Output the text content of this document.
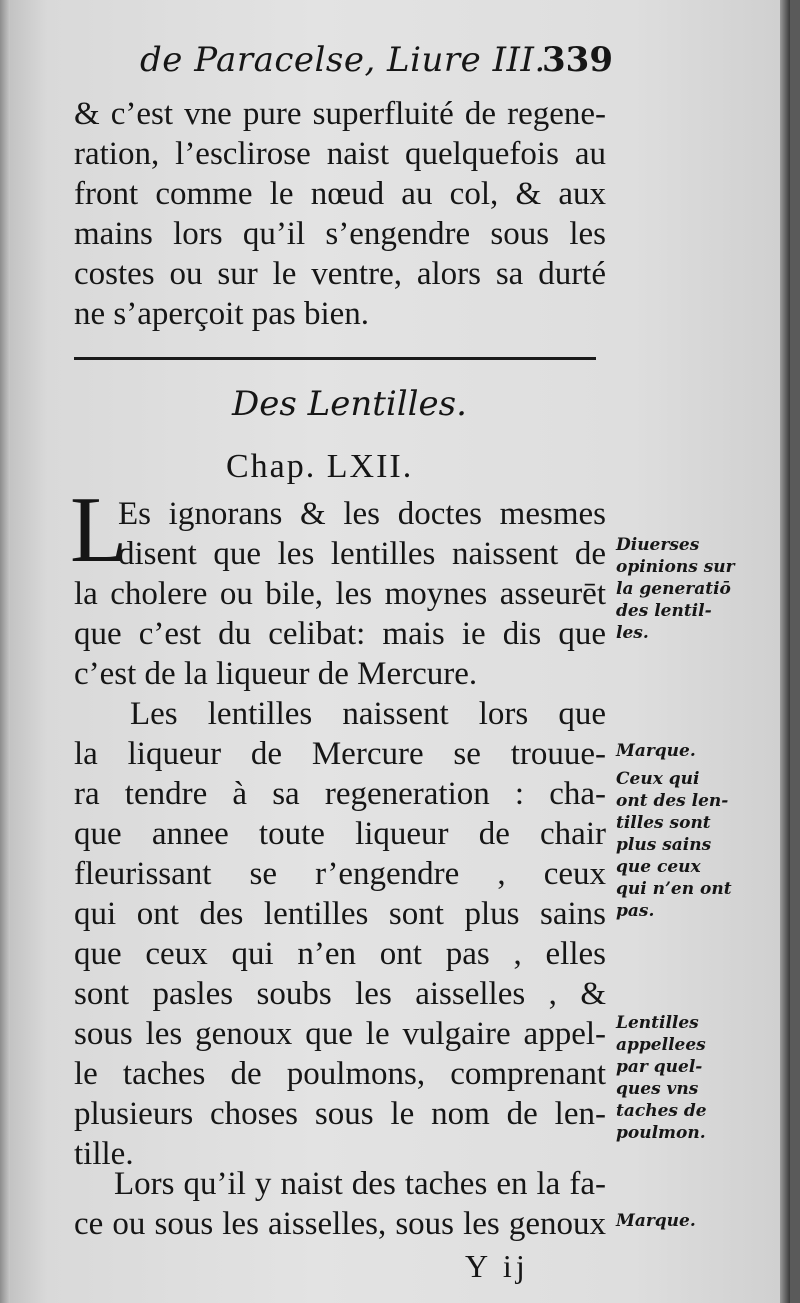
de Paracelse, Liure III.
339
& c’est vne pure superfluité de regene-
ration, l’esclirose naist quelquefois au
front comme le nœud au col, & aux
mains lors qu’il s’engendre sous les
costes ou sur le ventre, alors sa durté
ne s’aperçoit pas bien.
Des Lentilles.
Chap. LXII.
L
Es ignorans & les doctes mesmes
disent que les lentilles naissent de
la cholere ou bile, les moynes asseurēt
que c’est du celibat: mais ie dis que
c’est de la liqueur de Mercure.
Les lentilles naissent lors que
la liqueur de Mercure se trouue-
ra tendre à sa regeneration : cha-
que annee toute liqueur de chair
fleurissant se r’engendre , ceux
qui ont des lentilles sont plus sains
que ceux qui n’en ont pas , elles
sont pasles soubs les aisselles , &
sous les genoux que le vulgaire appel-
le taches de poulmons, comprenant
plusieurs choses sous le nom de len-
tille.
Lors qu’il y naist des taches en la fa-
ce ou sous les aisselles, sous les genoux
Diuerses opinions sur la generatiō des lentil-les.
Marque.
Ceux qui ont des len-tilles sont plus sains que ceux qui n’en ont pas.
Lentilles appellees par quel-ques vns taches de poulmon.
Marque.
Y ij
